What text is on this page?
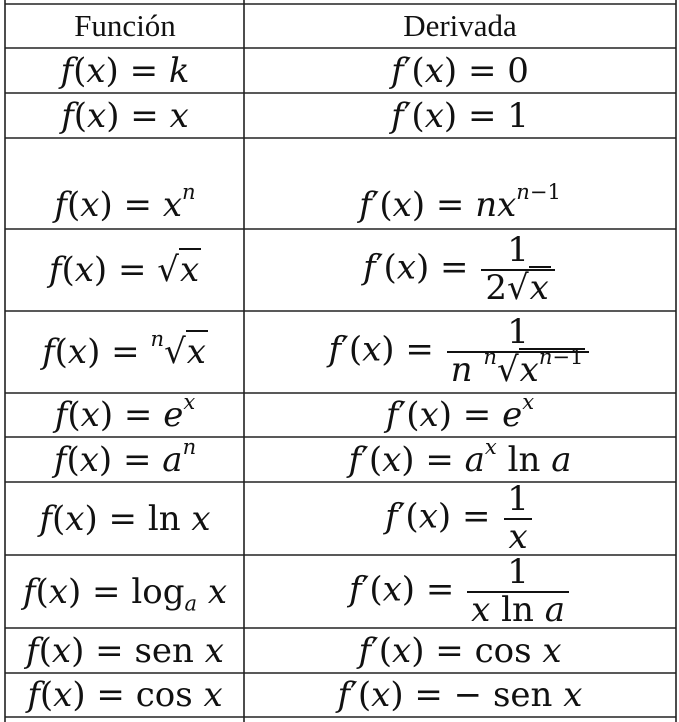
Función	Derivada
f(x) = k	f′(x) = 0
f(x) = x	f′(x) = 1
$f(x) = x^n$	$f'(x) = nx^{n-1}$
f(x) = √x	$f'(x) = \frac{1}{2√x}$
f(x) = $^n$√x	$f'(x) = \frac{1}{n ^n√x^{n-1}}$
$f(x) = e^x$	$f'(x) = e^x$
$f(x) = a^n$	$f'(x) = a^x$ ln a
f(x) = ln x	$f'(x) = \frac{1}{x}$
$f(x) = \log_a x$	$f'(x) = \frac{1}{\text{x ln a}}$
f(x) = sen x	f′(x) = cos x
f(x) = cos x	f′(x) = − sen x
